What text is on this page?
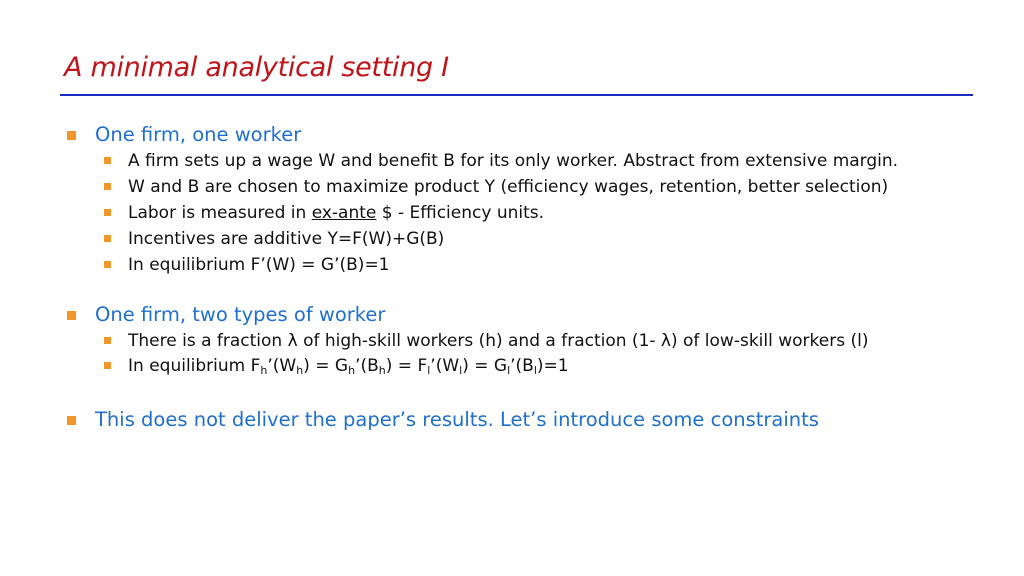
A minimal analytical setting I
One firm, one worker
A firm sets up a wage W and benefit B for its only worker. Abstract from extensive margin.
W and B are chosen to maximize product Y (efficiency wages, retention, better selection)
Labor is measured in ex-ante $ - Efficiency units.
Incentives are additive Y=F(W)+G(B)
In equilibrium F’(W) = G’(B)=1
One firm, two types of worker
There is a fraction λ of high-skill workers (h) and a fraction (1- λ) of low-skill workers (l)
In equilibrium $F_h’(W_h)$ = $G_h’(B_h)$ = $F_l’(W_l)$ = $G_l’(B_l)=1$
This does not deliver the paper’s results. Let’s introduce some constraints
